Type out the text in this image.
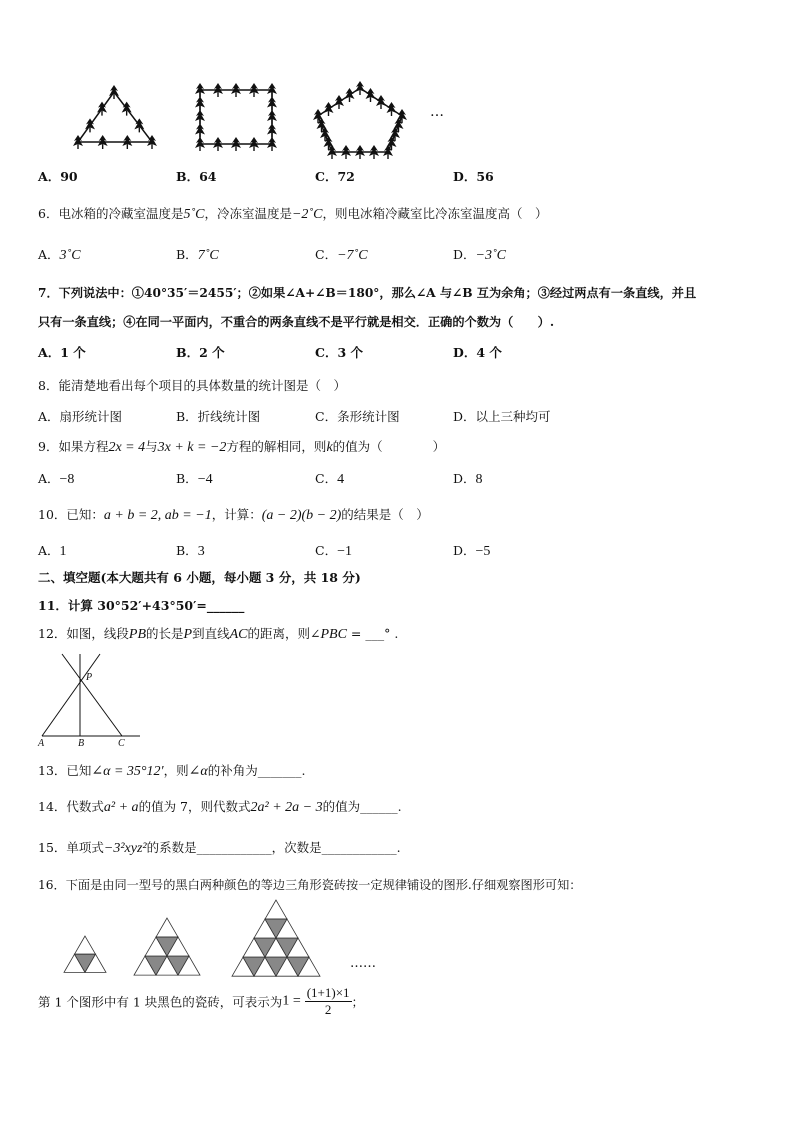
…
A．90	B．64	C．72	D．56
6．电冰箱的冷藏室温度是5˚C，冷冻室温度是−2˚C，则电冰箱冷藏室比冷冻室温度高（　）
A．3˚C	B．7˚C	C．−7˚C	D．−3˚C
7．下列说法中：①40°35′＝2455′；②如果∠A+∠B＝180°，那么∠A 与∠B 互为余角；③经过两点有一条直线，并且
只有一条直线；④在同一平面内，不重合的两条直线不是平行就是相交．正确的个数为（　　）.
A．1 个	B．2 个	C．3 个	D．4 个
8．能清楚地看出每个项目的具体数量的统计图是（　）
A．扇形统计图	B．折线统计图	C．条形统计图	D．以上三种均可
9．如果方程2x = 4与3x + k = −2方程的解相同，则k的值为（　　　　）
A．−8	B．−4	C．4	D．8
10．已知：a + b = 2, ab = −1，计算：(a − 2)(b − 2)的结果是（　）
A．1	B．3	C．−1	D．−5
二、填空题(本大题共有 6 小题，每小题 3 分，共 18 分)
11．计算 30°52′+43°50′=______
12．如图，线段PB的长是P到直线AC的距离，则∠PBC = ___° .
P
A	B	C
13．已知∠α = 35°12′，则∠α的补角为_______.
14．代数式a² + a的值为 7，则代数式2a² + 2a − 3的值为______.
15．单项式−3²xyz²的系数是____________，次数是____________.
16．下面是由同一型号的黑白两种颜色的等边三角形瓷砖按一定规律铺设的图形.仔细观察图形可知：
……
第 1 个图形中有 1 块黑色的瓷砖，可表示为$1 = \frac{(1+1)\times 1}{2}$ ；
